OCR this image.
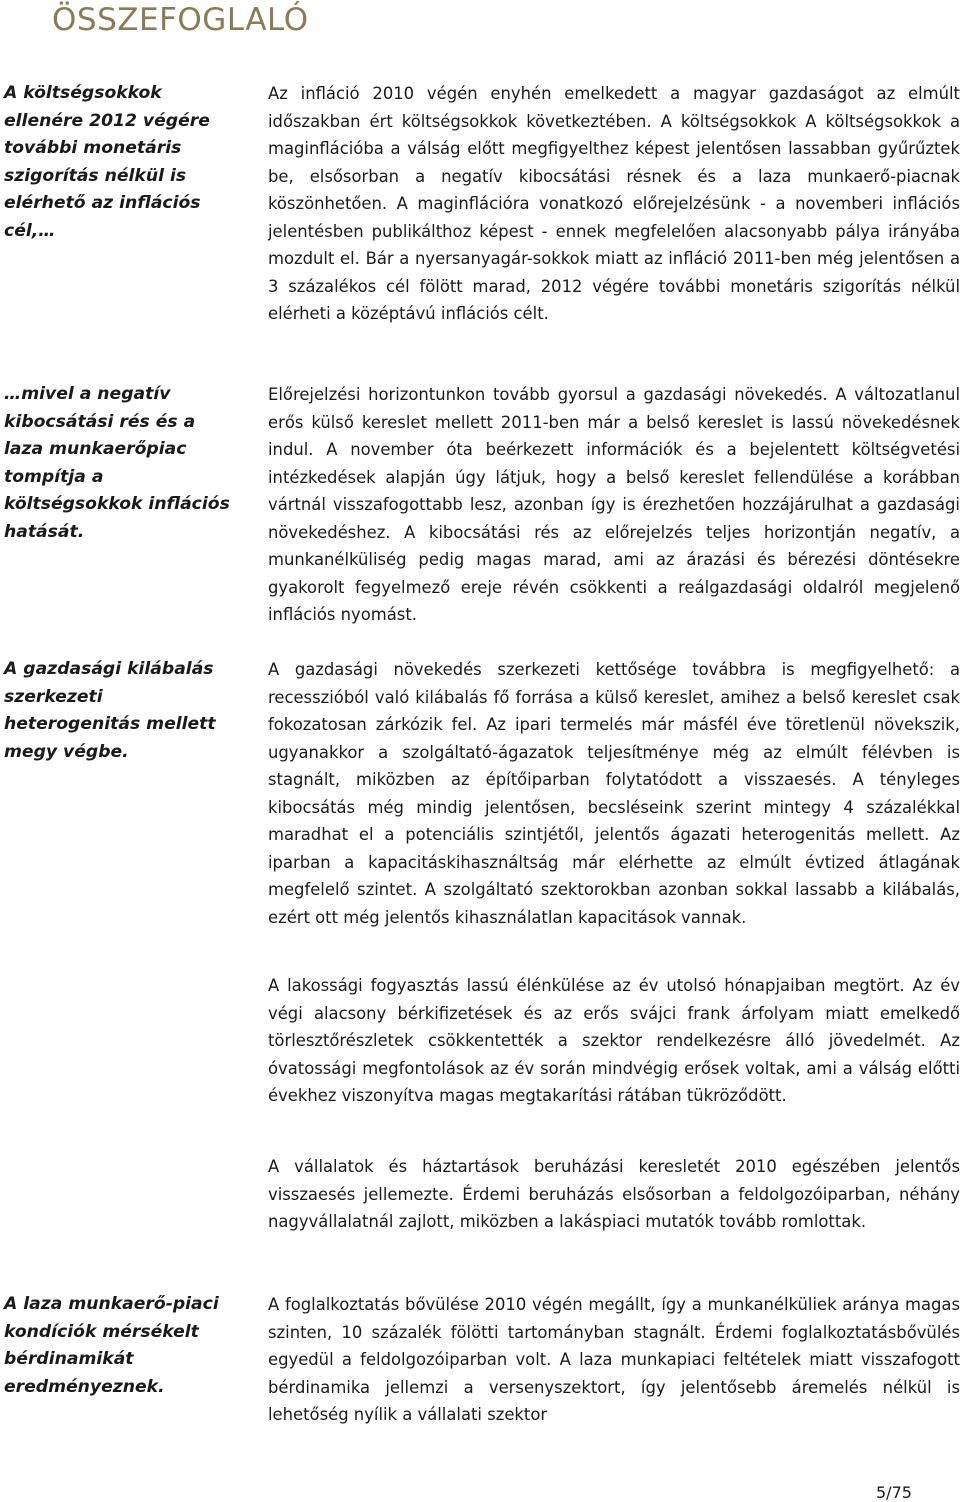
ÖSSZEFOGLALÓ

A költségsokkok ellenére 2012 végére további monetáris szigorítás nélkül is elérhető az inflációs cél,…

…mivel a negatív kibocsátási rés és a laza munkaerőpiac tompítja a költségsokkok inflációs hatását.

A gazdasági kilábalás szerkezeti heterogenitás mellett megy végbe.

A laza munkaerő-piaci kondíciók mérsékelt bérdinamikát eredményeznek.

Az infláció 2010 végén enyhén emelkedett a magyar gazdaságot az elmúlt időszakban ért költségsokkok következtében. A költségsokkok A költségsokkok a maginflációba a válság előtt megfigyelthez képest jelentősen lassabban gyűrűztek be, elsősorban a negatív kibocsátási résnek és a laza munkaerő-piacnak köszönhetően. A maginflációra vonatkozó előrejelzésünk - a novemberi inflációs jelentésben publikálthoz képest - ennek megfelelően alacsonyabb pálya irányába mozdult el. Bár a nyersanyagár-sokkok miatt az infláció 2011-ben még jelentősen a 3 százalékos cél fölött marad, 2012 végére további monetáris szigorítás nélkül elérheti a középtávú inflációs célt.

Előrejelzési horizontunkon tovább gyorsul a gazdasági növekedés. A változatlanul erős külső kereslet mellett 2011-ben már a belső kereslet is lassú növekedésnek indul. A november óta beérkezett információk és a bejelentett költségvetési intézkedések alapján úgy látjuk, hogy a belső kereslet fellendülése a korábban vártnál visszafogottabb lesz, azonban így is érezhetően hozzájárulhat a gazdasági növekedéshez. A kibocsátási rés az előrejelzés teljes horizontján negatív, a munkanélküliség pedig magas marad, ami az árazási és bérezési döntésekre gyakorolt fegyelmező ereje révén csökkenti a reálgazdasági oldalról megjelenő inflációs nyomást.

A gazdasági növekedés szerkezeti kettősége továbbra is megfigyelhető: a recesszióból való kilábalás fő forrása a külső kereslet, amihez a belső kereslet csak fokozatosan zárkózik fel. Az ipari termelés már másfél éve töretlenül növekszik, ugyanakkor a szolgáltató-ágazatok teljesítménye még az elmúlt félévben is stagnált, miközben az építőiparban folytatódott a visszaesés. A tényleges kibocsátás még mindig jelentősen, becsléseink szerint mintegy 4 százalékkal maradhat el a potenciális szintjétől, jelentős ágazati heterogenitás mellett. Az iparban a kapacitáskihasználtság már elérhette az elmúlt évtized átlagának megfelelő szintet. A szolgáltató szektorokban azonban sokkal lassabb a kilábalás, ezért ott még jelentős kihasználatlan kapacitások vannak.

A lakossági fogyasztás lassú élénkülése az év utolsó hónapjaiban megtört. Az év végi alacsony bérkifizetések és az erős svájci frank árfolyam miatt emelkedő törlesztőrészletek csökkentették a szektor rendelkezésre álló jövedelmét. Az óvatossági megfontolások az év során mindvégig erősek voltak, ami a válság előtti évekhez viszonyítva magas megtakarítási rátában tükröződött.

A vállalatok és háztartások beruházási keresletét 2010 egészében jelentős visszaesés jellemezte. Érdemi beruházás elsősorban a feldolgozóiparban, néhány nagyvállalatnál zajlott, miközben a lakáspiaci mutatók tovább romlottak.

A foglalkoztatás bővülése 2010 végén megállt, így a munkanélküliek aránya magas szinten, 10 százalék fölötti tartományban stagnált. Érdemi foglalkoztatásbővülés egyedül a feldolgozóiparban volt. A laza munkapiaci feltételek miatt visszafogott bérdinamika jellemzi a versenyszektort, így jelentősebb áremelés nélkül is lehetőség nyílik a vállalati szektor

5/75
